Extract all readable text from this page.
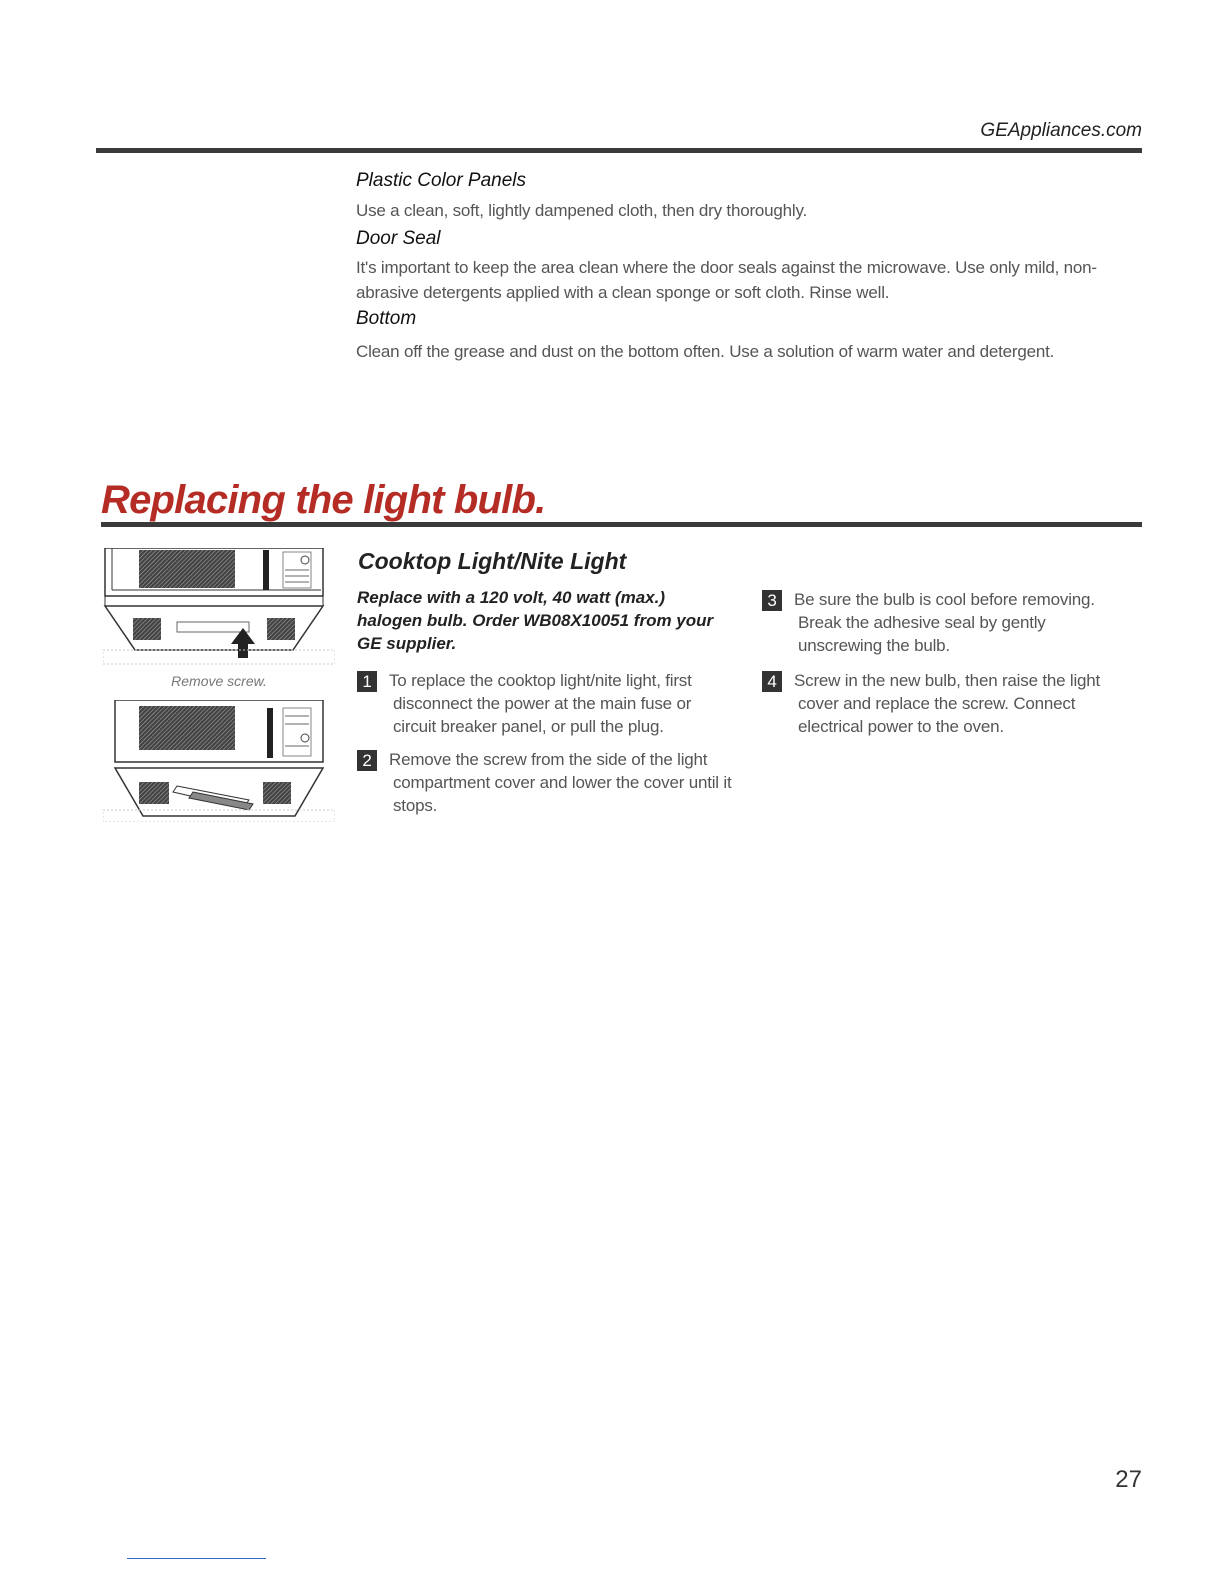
GEAppliances.com

Plastic Color Panels

Use a clean, soft, lightly dampened cloth, then dry thoroughly.

Door Seal

It's important to keep the area clean where the door seals against the microwave. Use only mild, non-abrasive detergents applied with a clean sponge or soft cloth. Rinse well.

Bottom

Clean off the grease and dust on the bottom often. Use a solution of warm water and detergent.

Replacing the light bulb.
Remove screw.
Cooktop Light/Nite Light

Replace with a 120 volt, 40 watt (max.) halogen bulb. Order WB08X10051 from your GE supplier.

1	To replace the cooktop light/nite light, first disconnect the power at the main fuse or circuit breaker panel, or pull the plug.
2	Remove the screw from the side of the light compartment cover and lower the cover until it stops.
3	Be sure the bulb is cool before removing. Break the adhesive seal by gently unscrewing the bulb.
4	Screw in the new bulb, then raise the light cover and replace the screw. Connect electrical power to the oven.
27
